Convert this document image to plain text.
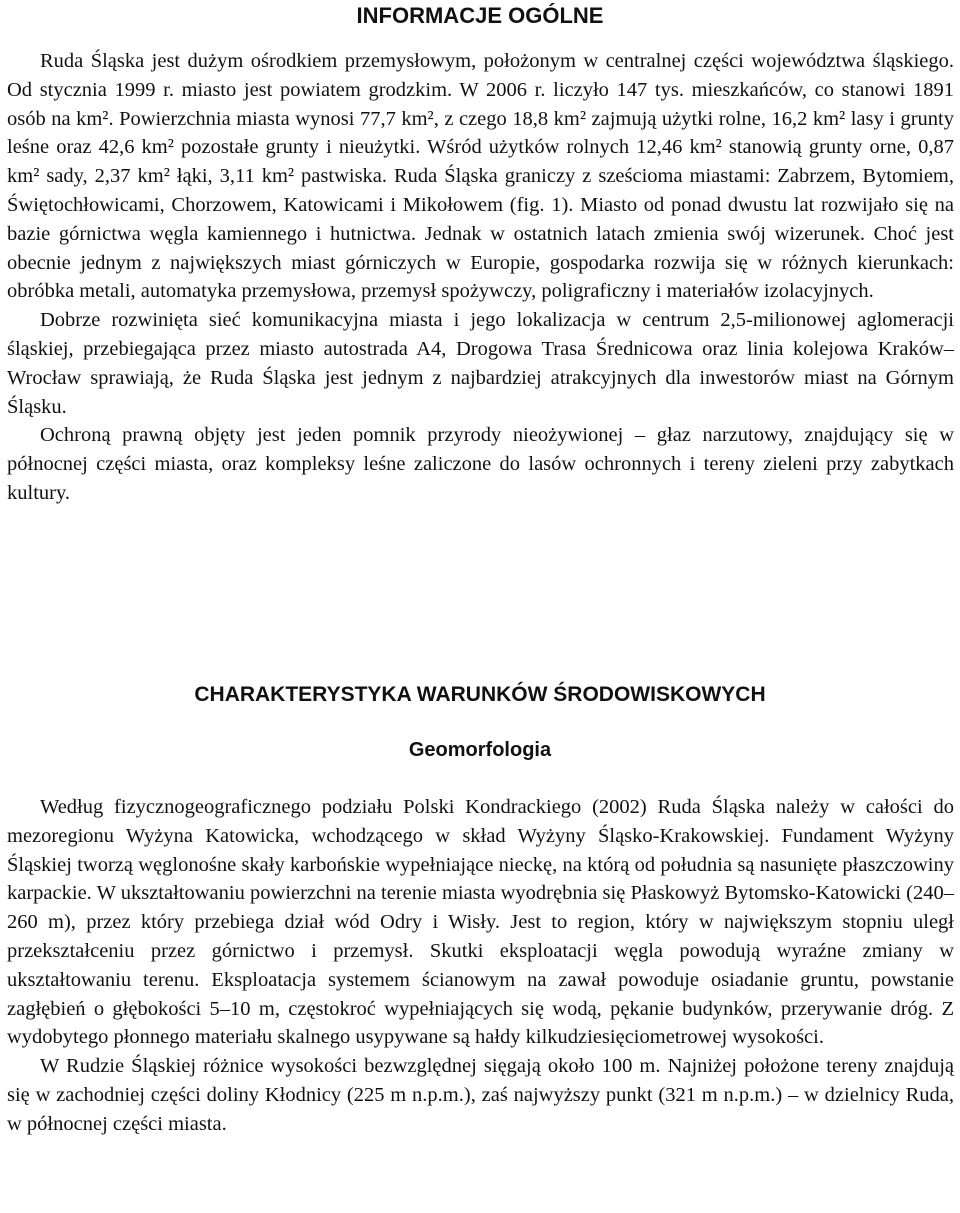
INFORMACJE OGÓLNE

Ruda Śląska jest dużym ośrodkiem przemysłowym, położonym w centralnej części województwa śląskiego. Od stycznia 1999 r. miasto jest powiatem grodzkim. W 2006 r. liczyło 147 tys. mieszkańców, co stanowi 1891 osób na km². Powierzchnia miasta wynosi 77,7 km², z czego 18,8 km² zajmują użytki rolne, 16,2 km² lasy i grunty leśne oraz 42,6 km² pozostałe grunty i nieużytki. Wśród użytków rolnych 12,46 km² stanowią grunty orne, 0,87 km² sady, 2,37 km² łąki, 3,11 km² pastwiska. Ruda Śląska graniczy z sześcioma miastami: Zabrzem, Bytomiem, Świętochłowicami, Chorzowem, Katowicami i Mikołowem (fig. 1). Miasto od ponad dwustu lat rozwijało się na bazie górnictwa węgla kamiennego i hutnictwa. Jednak w ostatnich latach zmienia swój wizerunek. Choć jest obecnie jednym z największych miast górniczych w Europie, gospodarka rozwija się w różnych kierunkach: obróbka metali, automatyka przemysłowa, przemysł spożywczy, poligraficzny i materiałów izolacyjnych.

Dobrze rozwinięta sieć komunikacyjna miasta i jego lokalizacja w centrum 2,5-milionowej aglomeracji śląskiej, przebiegająca przez miasto autostrada A4, Drogowa Trasa Średnicowa oraz linia kolejowa Kraków–Wrocław sprawiają, że Ruda Śląska jest jednym z najbardziej atrakcyjnych dla inwestorów miast na Górnym Śląsku.

Ochroną prawną objęty jest jeden pomnik przyrody nieożywionej – głaz narzutowy, znajdujący się w północnej części miasta, oraz kompleksy leśne zaliczone do lasów ochronnych i tereny zieleni przy zabytkach kultury.

CHARAKTERYSTYKA WARUNKÓW ŚRODOWISKOWYCH
Geomorfologia

Według fizycznogeograficznego podziału Polski Kondrackiego (2002) Ruda Śląska należy w całości do mezoregionu Wyżyna Katowicka, wchodzącego w skład Wyżyny Śląsko-Krakowskiej. Fundament Wyżyny Śląskiej tworzą węglonośne skały karbońskie wypełniające nieckę, na którą od południa są nasunięte płaszczowiny karpackie. W ukształtowaniu powierzchni na terenie miasta wyodrębnia się Płaskowyż Bytomsko-Katowicki (240–260 m), przez który przebiega dział wód Odry i Wisły. Jest to region, który w największym stopniu uległ przekształceniu przez górnictwo i przemysł. Skutki eksploatacji węgla powodują wyraźne zmiany w ukształtowaniu terenu. Eksploatacja systemem ścianowym na zawał powoduje osiadanie gruntu, powstanie zagłębień o głębokości 5–10 m, częstokroć wypełniających się wodą, pękanie budynków, przerywanie dróg. Z wydobytego płonnego materiału skalnego usypywane są hałdy kilkudziesięciometrowej wysokości.

W Rudzie Śląskiej różnice wysokości bezwzględnej sięgają około 100 m. Najniżej położone tereny znajdują się w zachodniej części doliny Kłodnicy (225 m n.p.m.), zaś najwyższy punkt (321 m n.p.m.) – w dzielnicy Ruda, w północnej części miasta.
